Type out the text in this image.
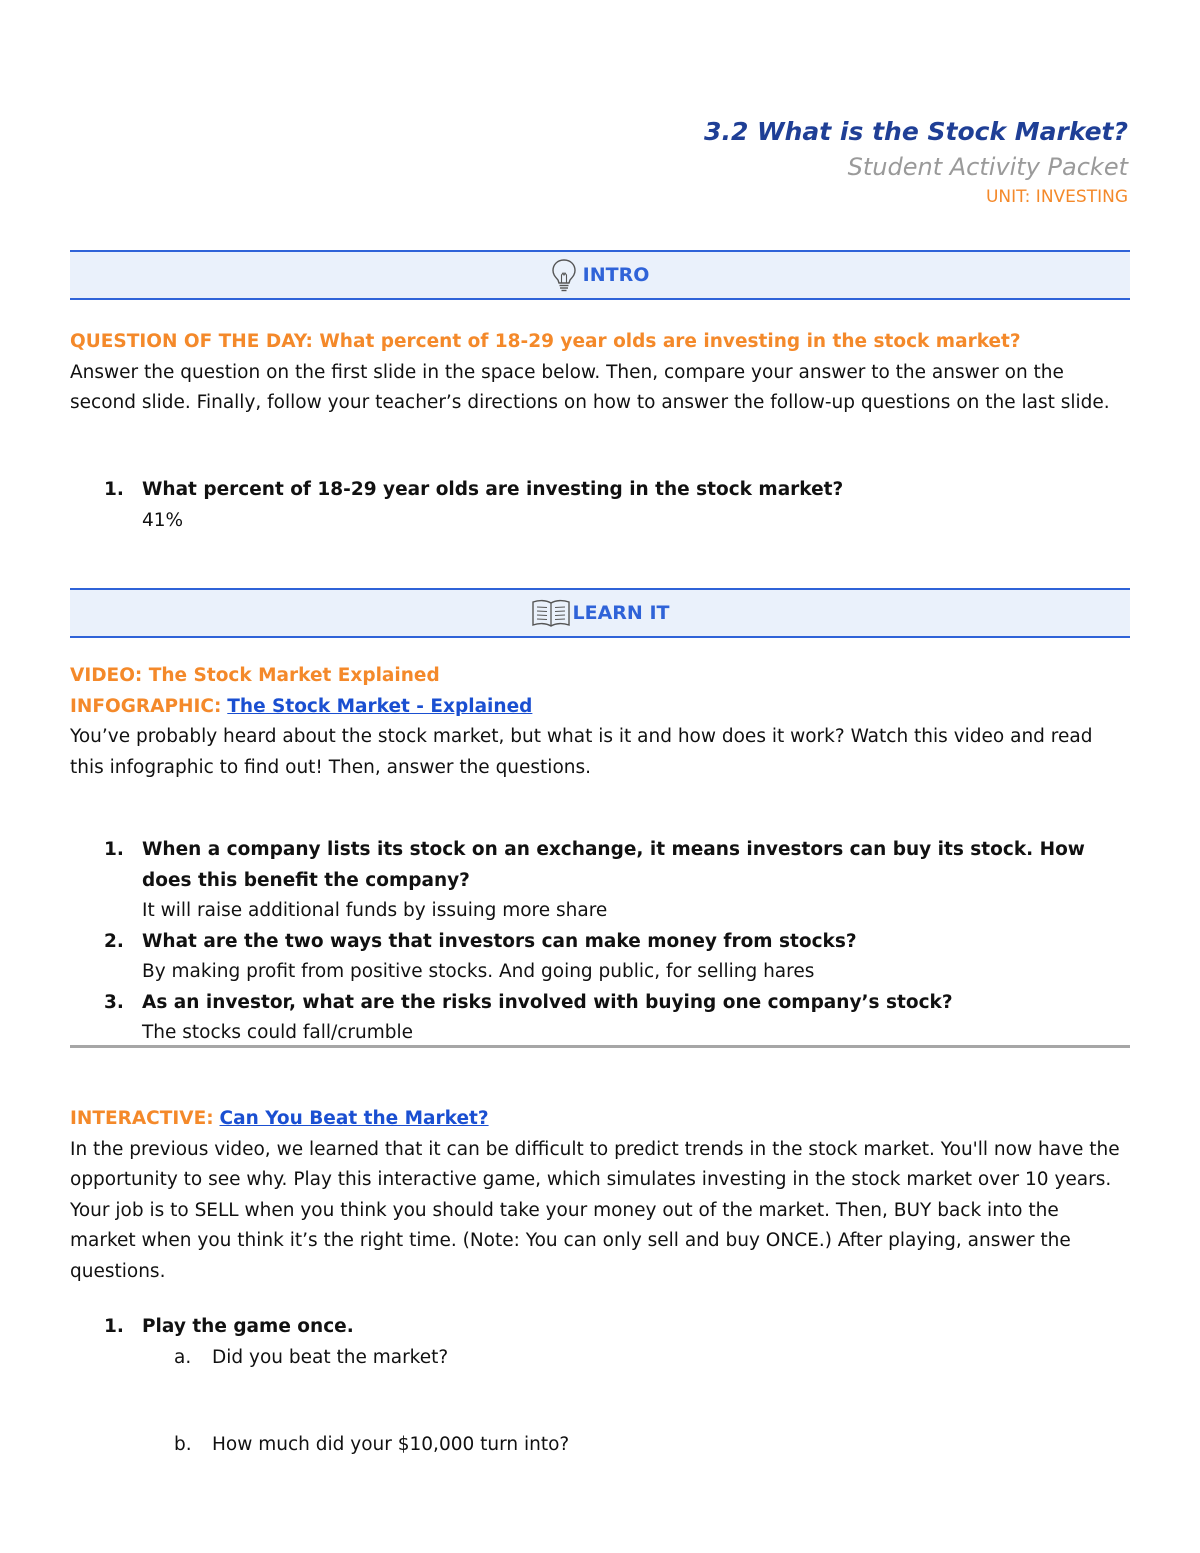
3.2 What is the Stock Market?
Student Activity Packet
UNIT: INVESTING
INTRO
QUESTION OF THE DAY: What percent of 18-29 year olds are investing in the stock market?
Answer the question on the first slide in the space below. Then, compare your answer to the answer on the second slide. Finally, follow your teacher’s directions on how to answer the follow-up questions on the last slide.
1. What percent of 18-29 year olds are investing in the stock market?
41%
LEARN IT
VIDEO: The Stock Market Explained
INFOGRAPHIC: The Stock Market - Explained
You’ve probably heard about the stock market, but what is it and how does it work? Watch this video and read this infographic to find out! Then, answer the questions.
1. When a company lists its stock on an exchange, it means investors can buy its stock. How does this benefit the company?
It will raise additional funds by issuing more share
2. What are the two ways that investors can make money from stocks?
By making profit from positive stocks. And going public, for selling hares
3. As an investor, what are the risks involved with buying one company’s stock?
The stocks could fall/crumble
INTERACTIVE: Can You Beat the Market?
In the previous video, we learned that it can be difficult to predict trends in the stock market. You'll now have the opportunity to see why. Play this interactive game, which simulates investing in the stock market over 10 years. Your job is to SELL when you think you should take your money out of the market. Then, BUY back into the market when you think it’s the right time. (Note: You can only sell and buy ONCE.) After playing, answer the questions.
1. Play the game once.
a.	Did you beat the market?
b.	How much did your $10,000 turn into?
